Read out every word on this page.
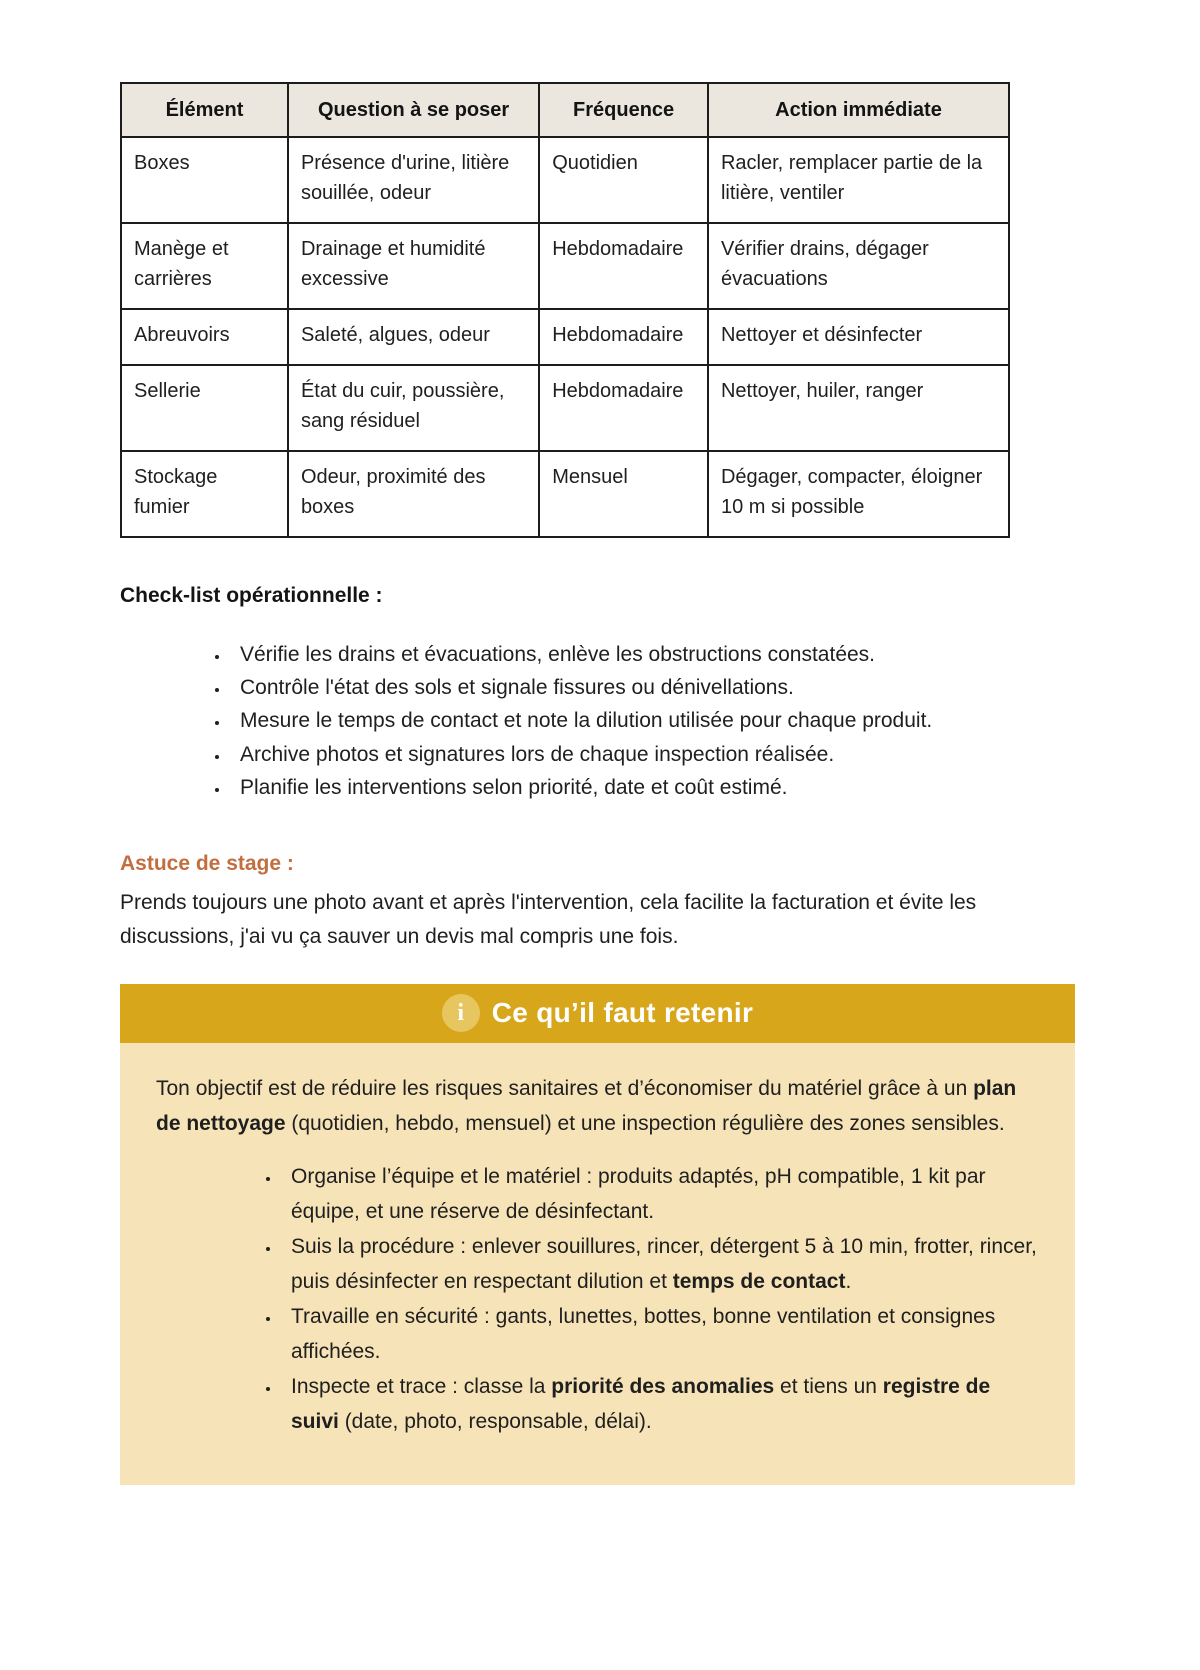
Élément	Question à se poser	Fréquence	Action immédiate
Boxes	Présence d'urine, litière souillée, odeur	Quotidien	Racler, remplacer partie de la litière, ventiler
Manège et carrières	Drainage et humidité excessive	Hebdomadaire	Vérifier drains, dégager évacuations
Abreuvoirs	Saleté, algues, odeur	Hebdomadaire	Nettoyer et désinfecter
Sellerie	État du cuir, poussière, sang résiduel	Hebdomadaire	Nettoyer, huiler, ranger
Stockage fumier	Odeur, proximité des boxes	Mensuel	Dégager, compacter, éloigner 10 m si possible
Check-list opérationnelle :
• Vérifie les drains et évacuations, enlève les obstructions constatées.
• Contrôle l'état des sols et signale fissures ou dénivellations.
• Mesure le temps de contact et note la dilution utilisée pour chaque produit.
• Archive photos et signatures lors de chaque inspection réalisée.
• Planifie les interventions selon priorité, date et coût estimé.
Astuce de stage :

Prends toujours une photo avant et après l'intervention, cela facilite la facturation et évite les discussions, j'ai vu ça sauver un devis mal compris une fois.

i Ce qu’il faut retenir

Ton objectif est de réduire les risques sanitaires et d’économiser du matériel grâce à un plan de nettoyage (quotidien, hebdo, mensuel) et une inspection régulière des zones sensibles.

• Organise l’équipe et le matériel : produits adaptés, pH compatible, 1 kit par équipe, et une réserve de désinfectant.
• Suis la procédure : enlever souillures, rincer, détergent 5 à 10 min, frotter, rincer, puis désinfecter en respectant dilution et temps de contact.
• Travaille en sécurité : gants, lunettes, bottes, bonne ventilation et consignes affichées.
• Inspecte et trace : classe la priorité des anomalies et tiens un registre de suivi (date, photo, responsable, délai).
